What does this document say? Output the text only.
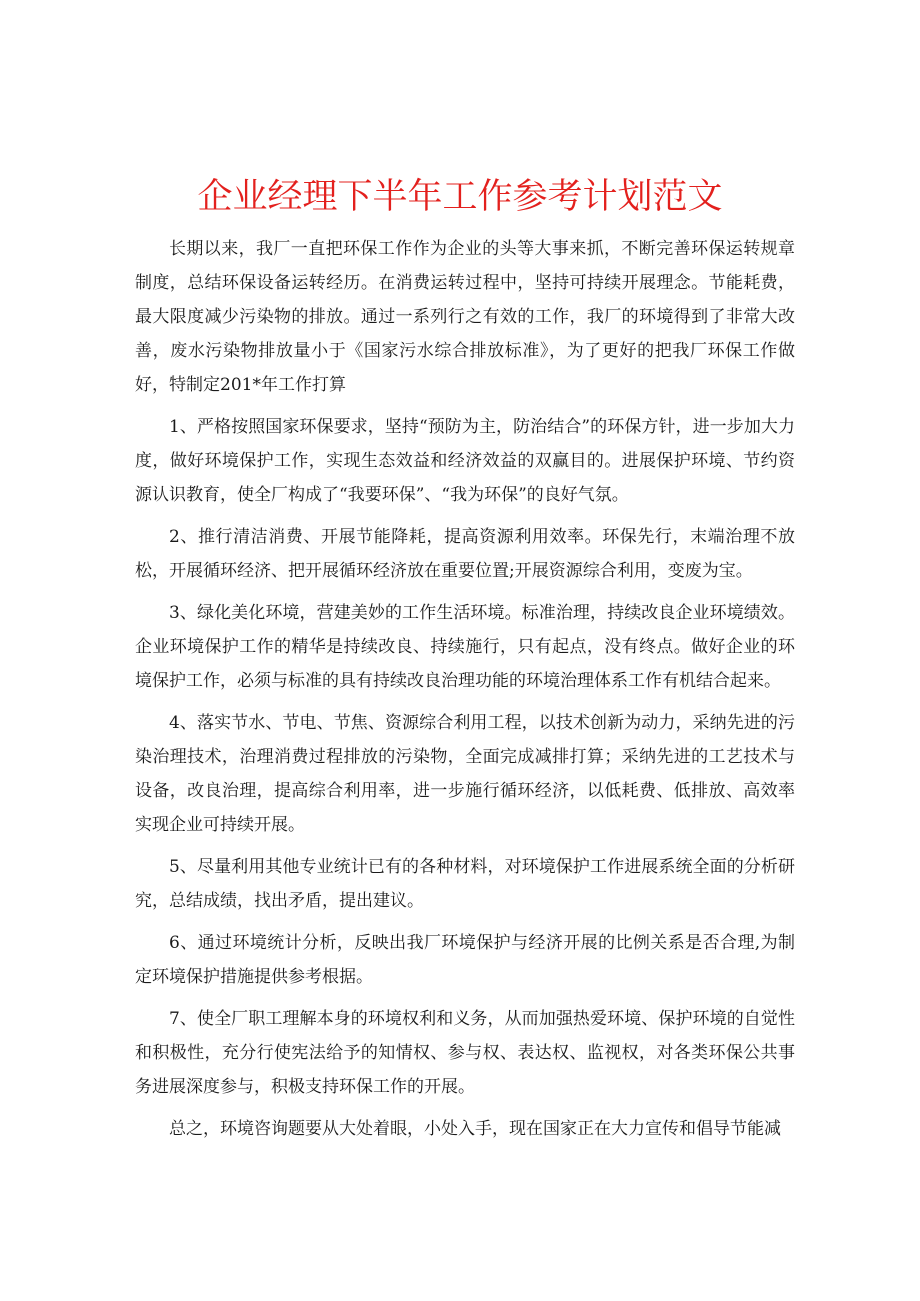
企业经理下半年工作参考计划范文

长期以来，我厂一直把环保工作作为企业的头等大事来抓，不断完善环保运转规章制度，总结环保设备运转经历。在消费运转过程中，坚持可持续开展理念。节能耗费，最大限度减少污染物的排放。通过一系列行之有效的工作，我厂的环境得到了非常大改善，废水污染物排放量小于《国家污水综合排放标准》，为了更好的把我厂环保工作做好，特制定201*年工作打算

1、严格按照国家环保要求，坚持“预防为主，防治结合”的环保方针，进一步加大力度，做好环境保护工作，实现生态效益和经济效益的双赢目的。进展保护环境、节约资源认识教育，使全厂构成了“我要环保”、“我为环保”的良好气氛。

2、推行清洁消费、开展节能降耗，提高资源利用效率。环保先行，末端治理不放松，开展循环经济、把开展循环经济放在重要位置;开展资源综合利用，变废为宝。

3、绿化美化环境，营建美妙的工作生活环境。标准治理，持续改良企业环境绩效。企业环境保护工作的精华是持续改良、持续施行，只有起点，没有终点。做好企业的环境保护工作，必须与标准的具有持续改良治理功能的环境治理体系工作有机结合起来。

4、落实节水、节电、节焦、资源综合利用工程，以技术创新为动力，采纳先进的污染治理技术，治理消费过程排放的污染物，全面完成减排打算；采纳先进的工艺技术与设备，改良治理，提高综合利用率，进一步施行循环经济，以低耗费、低排放、高效率实现企业可持续开展。

5、尽量利用其他专业统计已有的各种材料，对环境保护工作进展系统全面的分析研究，总结成绩，找出矛盾，提出建议。

6、通过环境统计分析，反映出我厂环境保护与经济开展的比例关系是否合理,为制定环境保护措施提供参考根据。

7、使全厂职工理解本身的环境权利和义务，从而加强热爱环境、保护环境的自觉性和积极性，充分行使宪法给予的知情权、参与权、表达权、监视权，对各类环保公共事务进展深度参与，积极支持环保工作的开展。

总之，环境咨询题要从大处着眼，小处入手，现在国家正在大力宣传和倡导节能减
